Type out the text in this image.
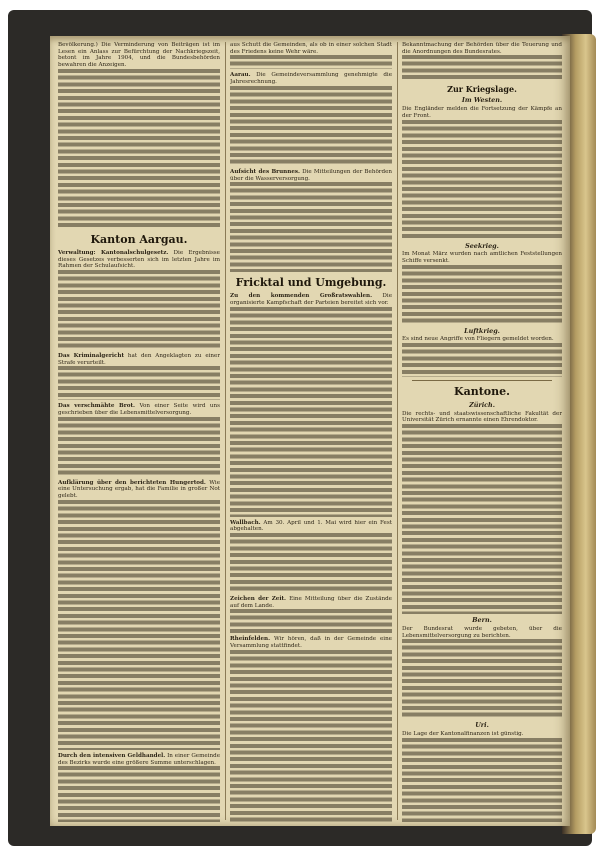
Bevölkerung.) Die Verminderung von Beiträgen ist im Lesen ein Anlass zur Befürchtung der Nachkriegszeit, betont im Jahre 1904, und die Bundesbehörden bewahren die Anzeigen.
Kanton Aargau.
Verwaltung: Kantonalschulgesetz. Die Ergebnisse dieses Gesetzes verbesserten sich im letzten Jahre im Rahmen der Schulaufsicht.
Das Kriminalgericht hat den Angeklagten zu einer Strafe verurteilt.
Das verschmähte Brot. Von einer Seite wird uns geschrieben über die Lebensmittelversorgung.
Aufklärung über den berichteten Hungertod. Wie eine Untersuchung ergab, hat die Familie in großer Not gelebt.
Durch den intensiven Geldhandel. In einer Gemeinde des Bezirks wurde eine größere Summe unterschlagen.
aus Schutt die Gemeinden, als ob in einer solchen Stadt des Friedens keine Wehr wäre.
Aarau. Die Gemeindeversammlung genehmigte die Jahresrechnung.
Aufsicht des Brunnes. Die Mitteilungen der Behörden über die Wasserversorgung.
Fricktal und Umgebung.
Zu den kommenden Großratswahlen. Die organisierte Kampfschaft der Parteien bereitet sich vor.
Wallbach. Am 30. April und 1. Mai wird hier ein Fest abgehalten.
Zeichen der Zeit. Eine Mitteilung über die Zustände auf dem Lande.
Rheinfelden. Wir hören, daß in der Gemeinde eine Versammlung stattfindet.
Bekanntmachung der Behörden über die Teuerung und die Anordnungen des Bundesrates.
Zur Kriegslage.
Im Westen.
Die Engländer melden die Fortsetzung der Kämpfe an der Front.
Seekrieg.
Im Monat März wurden nach amtlichen Feststellungen Schiffe versenkt.
Luftkrieg.
Es sind neue Angriffe von Fliegern gemeldet worden.
Kantone.
Zürich.
Die rechts- und staatswissenschaftliche Fakultät der Universität Zürich ernannte einen Ehrendoktor.
Bern.
Der Bundesrat wurde gebeten, über die Lebensmittelversorgung zu berichten.
Uri.
Die Lage der Kantonalfinanzen ist günstig.
